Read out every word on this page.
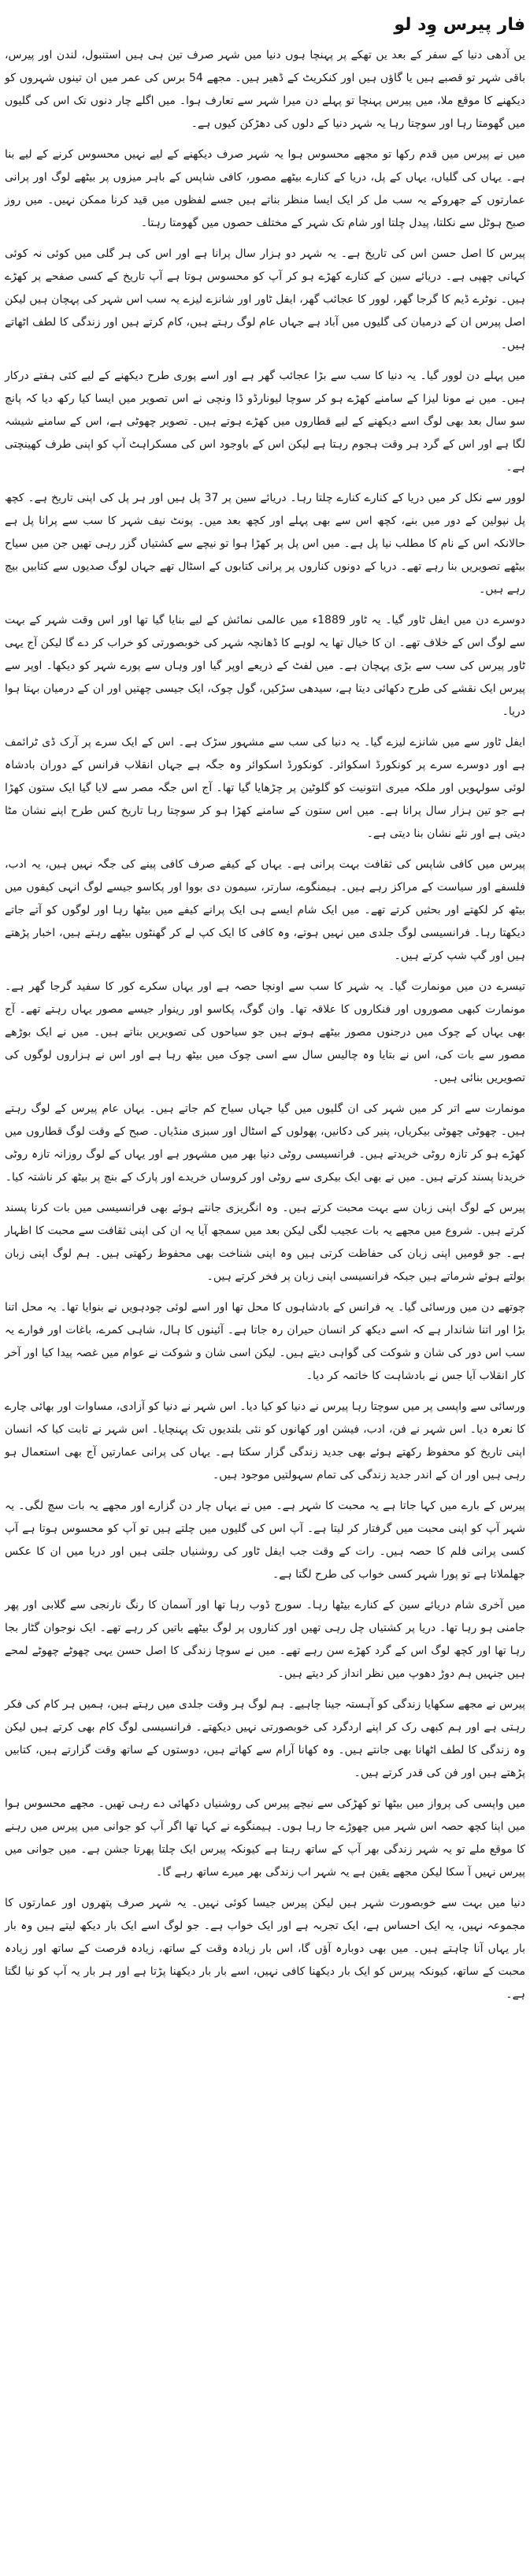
فار پیرس وِد لو

یں آدھی دنیا کے سفر کے بعد یں تھکے پر پہنچا ہوں دنیا میں شہر صرف تین ہی ہیں استنبول، لندن اور پیرس، باقی شہر تو قصبے ہیں یا گاؤں ہیں اور کنکریٹ کے ڈھیر ہیں۔ مجھے 54 برس کی عمر میں ان تینوں شہروں کو دیکھنے کا موقع ملا، میں پیرس پہنچا تو پہلے دن میرا شہر سے تعارف ہوا۔ میں اگلے چار دنوں تک اس کی گلیوں میں گھومتا رہا اور سوچتا رہا یہ شہر دنیا کے دلوں کی دھڑکن کیوں ہے۔

میں نے پیرس میں قدم رکھا تو مجھے محسوس ہوا یہ شہر صرف دیکھنے کے لیے نہیں محسوس کرنے کے لیے بنا ہے۔ یہاں کی گلیاں، یہاں کے پل، دریا کے کنارے بیٹھے مصور، کافی شاپس کے باہر میزوں پر بیٹھے لوگ اور پرانی عمارتوں کے جھروکے یہ سب مل کر ایک ایسا منظر بناتے ہیں جسے لفظوں میں قید کرنا ممکن نہیں۔ میں روز صبح ہوٹل سے نکلتا، پیدل چلتا اور شام تک شہر کے مختلف حصوں میں گھومتا رہتا۔

پیرس کا اصل حسن اس کی تاریخ ہے۔ یہ شہر دو ہزار سال پرانا ہے اور اس کی ہر گلی میں کوئی نہ کوئی کہانی چھپی ہے۔ دریائے سین کے کنارے کھڑے ہو کر آپ کو محسوس ہوتا ہے آپ تاریخ کے کسی صفحے پر کھڑے ہیں۔ نوٹرے ڈیم کا گرجا گھر، لوور کا عجائب گھر، ایفل ٹاور اور شانزے لیزے یہ سب اس شہر کی پہچان ہیں لیکن اصل پیرس ان کے درمیان کی گلیوں میں آباد ہے جہاں عام لوگ رہتے ہیں، کام کرتے ہیں اور زندگی کا لطف اٹھاتے ہیں۔

میں پہلے دن لوور گیا۔ یہ دنیا کا سب سے بڑا عجائب گھر ہے اور اسے پوری طرح دیکھنے کے لیے کئی ہفتے درکار ہیں۔ میں نے مونا لیزا کے سامنے کھڑے ہو کر سوچا لیونارڈو ڈا ونچی نے اس تصویر میں ایسا کیا رکھ دیا کہ پانچ سو سال بعد بھی لوگ اسے دیکھنے کے لیے قطاروں میں کھڑے ہوتے ہیں۔ تصویر چھوٹی ہے، اس کے سامنے شیشہ لگا ہے اور اس کے گرد ہر وقت ہجوم رہتا ہے لیکن اس کے باوجود اس کی مسکراہٹ آپ کو اپنی طرف کھینچتی ہے۔

لوور سے نکل کر میں دریا کے کنارے کنارے چلتا رہا۔ دریائے سین پر 37 پل ہیں اور ہر پل کی اپنی تاریخ ہے۔ کچھ پل نپولین کے دور میں بنے، کچھ اس سے بھی پہلے اور کچھ بعد میں۔ پونٹ نیف شہر کا سب سے پرانا پل ہے حالانکہ اس کے نام کا مطلب نیا پل ہے۔ میں اس پل پر کھڑا ہوا تو نیچے سے کشتیاں گزر رہی تھیں جن میں سیاح بیٹھے تصویریں بنا رہے تھے۔ دریا کے دونوں کناروں پر پرانی کتابوں کے اسٹال تھے جہاں لوگ صدیوں سے کتابیں بیچ رہے ہیں۔

دوسرے دن میں ایفل ٹاور گیا۔ یہ ٹاور 1889ء میں عالمی نمائش کے لیے بنایا گیا تھا اور اس وقت شہر کے بہت سے لوگ اس کے خلاف تھے۔ ان کا خیال تھا یہ لوہے کا ڈھانچہ شہر کی خوبصورتی کو خراب کر دے گا لیکن آج یہی ٹاور پیرس کی سب سے بڑی پہچان ہے۔ میں لفٹ کے ذریعے اوپر گیا اور وہاں سے پورے شہر کو دیکھا۔ اوپر سے پیرس ایک نقشے کی طرح دکھائی دیتا ہے، سیدھی سڑکیں، گول چوک، ایک جیسی چھتیں اور ان کے درمیان بہتا ہوا دریا۔

ایفل ٹاور سے میں شانزے لیزے گیا۔ یہ دنیا کی سب سے مشہور سڑک ہے۔ اس کے ایک سرے پر آرک ڈی ٹرائمف ہے اور دوسرے سرے پر کونکورڈ اسکوائر۔ کونکورڈ اسکوائر وہ جگہ ہے جہاں انقلاب فرانس کے دوران بادشاہ لوئی سولہویں اور ملکہ میری انتونیت کو گلوٹین پر چڑھایا گیا تھا۔ آج اس جگہ مصر سے لایا گیا ایک ستون کھڑا ہے جو تین ہزار سال پرانا ہے۔ میں اس ستون کے سامنے کھڑا ہو کر سوچتا رہا تاریخ کس طرح اپنے نشان مٹا دیتی ہے اور نئے نشان بنا دیتی ہے۔

پیرس میں کافی شاپس کی ثقافت بہت پرانی ہے۔ یہاں کے کیفے صرف کافی پینے کی جگہ نہیں ہیں، یہ ادب، فلسفے اور سیاست کے مراکز رہے ہیں۔ ہیمنگوے، سارتر، سیمون دی بووا اور پکاسو جیسے لوگ انہی کیفوں میں بیٹھ کر لکھتے اور بحثیں کرتے تھے۔ میں ایک شام ایسے ہی ایک پرانے کیفے میں بیٹھا رہا اور لوگوں کو آتے جاتے دیکھتا رہا۔ فرانسیسی لوگ جلدی میں نہیں ہوتے، وہ کافی کا ایک کپ لے کر گھنٹوں بیٹھے رہتے ہیں، اخبار پڑھتے ہیں اور گپ شپ کرتے ہیں۔

تیسرے دن میں مونمارت گیا۔ یہ شہر کا سب سے اونچا حصہ ہے اور یہاں سکرے کور کا سفید گرجا گھر ہے۔ مونمارت کبھی مصوروں اور فنکاروں کا علاقہ تھا۔ وان گوگ، پکاسو اور رینوار جیسے مصور یہاں رہتے تھے۔ آج بھی یہاں کے چوک میں درجنوں مصور بیٹھے ہوتے ہیں جو سیاحوں کی تصویریں بناتے ہیں۔ میں نے ایک بوڑھے مصور سے بات کی، اس نے بتایا وہ چالیس سال سے اسی چوک میں بیٹھ رہا ہے اور اس نے ہزاروں لوگوں کی تصویریں بنائی ہیں۔

مونمارت سے اتر کر میں شہر کی ان گلیوں میں گیا جہاں سیاح کم جاتے ہیں۔ یہاں عام پیرس کے لوگ رہتے ہیں۔ چھوٹی چھوٹی بیکریاں، پنیر کی دکانیں، پھولوں کے اسٹال اور سبزی منڈیاں۔ صبح کے وقت لوگ قطاروں میں کھڑے ہو کر تازہ روٹی خریدتے ہیں۔ فرانسیسی روٹی دنیا بھر میں مشہور ہے اور یہاں کے لوگ روزانہ تازہ روٹی خریدنا پسند کرتے ہیں۔ میں نے بھی ایک بیکری سے روٹی اور کروساں خریدے اور پارک کے بنچ پر بیٹھ کر ناشتہ کیا۔

پیرس کے لوگ اپنی زبان سے بہت محبت کرتے ہیں۔ وہ انگریزی جانتے ہوئے بھی فرانسیسی میں بات کرنا پسند کرتے ہیں۔ شروع میں مجھے یہ بات عجیب لگی لیکن بعد میں سمجھ آیا یہ ان کی اپنی ثقافت سے محبت کا اظہار ہے۔ جو قومیں اپنی زبان کی حفاظت کرتی ہیں وہ اپنی شناخت بھی محفوظ رکھتی ہیں۔ ہم لوگ اپنی زبان بولتے ہوئے شرماتے ہیں جبکہ فرانسیسی اپنی زبان پر فخر کرتے ہیں۔

چوتھے دن میں ورسائی گیا۔ یہ فرانس کے بادشاہوں کا محل تھا اور اسے لوئی چودہویں نے بنوایا تھا۔ یہ محل اتنا بڑا اور اتنا شاندار ہے کہ اسے دیکھ کر انسان حیران رہ جاتا ہے۔ آئینوں کا ہال، شاہی کمرے، باغات اور فوارے یہ سب اس دور کی شان و شوکت کی گواہی دیتے ہیں۔ لیکن اسی شان و شوکت نے عوام میں غصہ پیدا کیا اور آخر کار انقلاب آیا جس نے بادشاہت کا خاتمہ کر دیا۔

ورسائی سے واپسی پر میں سوچتا رہا پیرس نے دنیا کو کیا دیا۔ اس شہر نے دنیا کو آزادی، مساوات اور بھائی چارے کا نعرہ دیا۔ اس شہر نے فن، ادب، فیشن اور کھانوں کو نئی بلندیوں تک پہنچایا۔ اس شہر نے ثابت کیا کہ انسان اپنی تاریخ کو محفوظ رکھتے ہوئے بھی جدید زندگی گزار سکتا ہے۔ یہاں کی پرانی عمارتیں آج بھی استعمال ہو رہی ہیں اور ان کے اندر جدید زندگی کی تمام سہولتیں موجود ہیں۔

پیرس کے بارے میں کہا جاتا ہے یہ محبت کا شہر ہے۔ میں نے یہاں چار دن گزارے اور مجھے یہ بات سچ لگی۔ یہ شہر آپ کو اپنی محبت میں گرفتار کر لیتا ہے۔ آپ اس کی گلیوں میں چلتے ہیں تو آپ کو محسوس ہوتا ہے آپ کسی پرانی فلم کا حصہ ہیں۔ رات کے وقت جب ایفل ٹاور کی روشنیاں جلتی ہیں اور دریا میں ان کا عکس جھلملاتا ہے تو پورا شہر کسی خواب کی طرح لگتا ہے۔

میں آخری شام دریائے سین کے کنارے بیٹھا رہا۔ سورج ڈوب رہا تھا اور آسمان کا رنگ نارنجی سے گلابی اور پھر جامنی ہو رہا تھا۔ دریا پر کشتیاں چل رہی تھیں اور کناروں پر لوگ بیٹھے باتیں کر رہے تھے۔ ایک نوجوان گٹار بجا رہا تھا اور کچھ لوگ اس کے گرد کھڑے سن رہے تھے۔ میں نے سوچا زندگی کا اصل حسن یہی چھوٹے چھوٹے لمحے ہیں جنہیں ہم دوڑ دھوپ میں نظر انداز کر دیتے ہیں۔

پیرس نے مجھے سکھایا زندگی کو آہستہ جینا چاہیے۔ ہم لوگ ہر وقت جلدی میں رہتے ہیں، ہمیں ہر کام کی فکر رہتی ہے اور ہم کبھی رک کر اپنے اردگرد کی خوبصورتی نہیں دیکھتے۔ فرانسیسی لوگ کام بھی کرتے ہیں لیکن وہ زندگی کا لطف اٹھانا بھی جانتے ہیں۔ وہ کھانا آرام سے کھاتے ہیں، دوستوں کے ساتھ وقت گزارتے ہیں، کتابیں پڑھتے ہیں اور فن کی قدر کرتے ہیں۔

میں واپسی کی پرواز میں بیٹھا تو کھڑکی سے نیچے پیرس کی روشنیاں دکھائی دے رہی تھیں۔ مجھے محسوس ہوا میں اپنا کچھ حصہ اس شہر میں چھوڑے جا رہا ہوں۔ ہیمنگوے نے کہا تھا اگر آپ کو جوانی میں پیرس میں رہنے کا موقع ملے تو یہ شہر زندگی بھر آپ کے ساتھ رہتا ہے کیونکہ پیرس ایک چلتا پھرتا جشن ہے۔ میں جوانی میں پیرس نہیں آ سکا لیکن مجھے یقین ہے یہ شہر اب زندگی بھر میرے ساتھ رہے گا۔

دنیا میں بہت سے خوبصورت شہر ہیں لیکن پیرس جیسا کوئی نہیں۔ یہ شہر صرف پتھروں اور عمارتوں کا مجموعہ نہیں، یہ ایک احساس ہے، ایک تجربہ ہے اور ایک خواب ہے۔ جو لوگ اسے ایک بار دیکھ لیتے ہیں وہ بار بار یہاں آنا چاہتے ہیں۔ میں بھی دوبارہ آؤں گا، اس بار زیادہ وقت کے ساتھ، زیادہ فرصت کے ساتھ اور زیادہ محبت کے ساتھ، کیونکہ پیرس کو ایک بار دیکھنا کافی نہیں، اسے بار بار دیکھنا پڑتا ہے اور ہر بار یہ آپ کو نیا لگتا ہے۔
